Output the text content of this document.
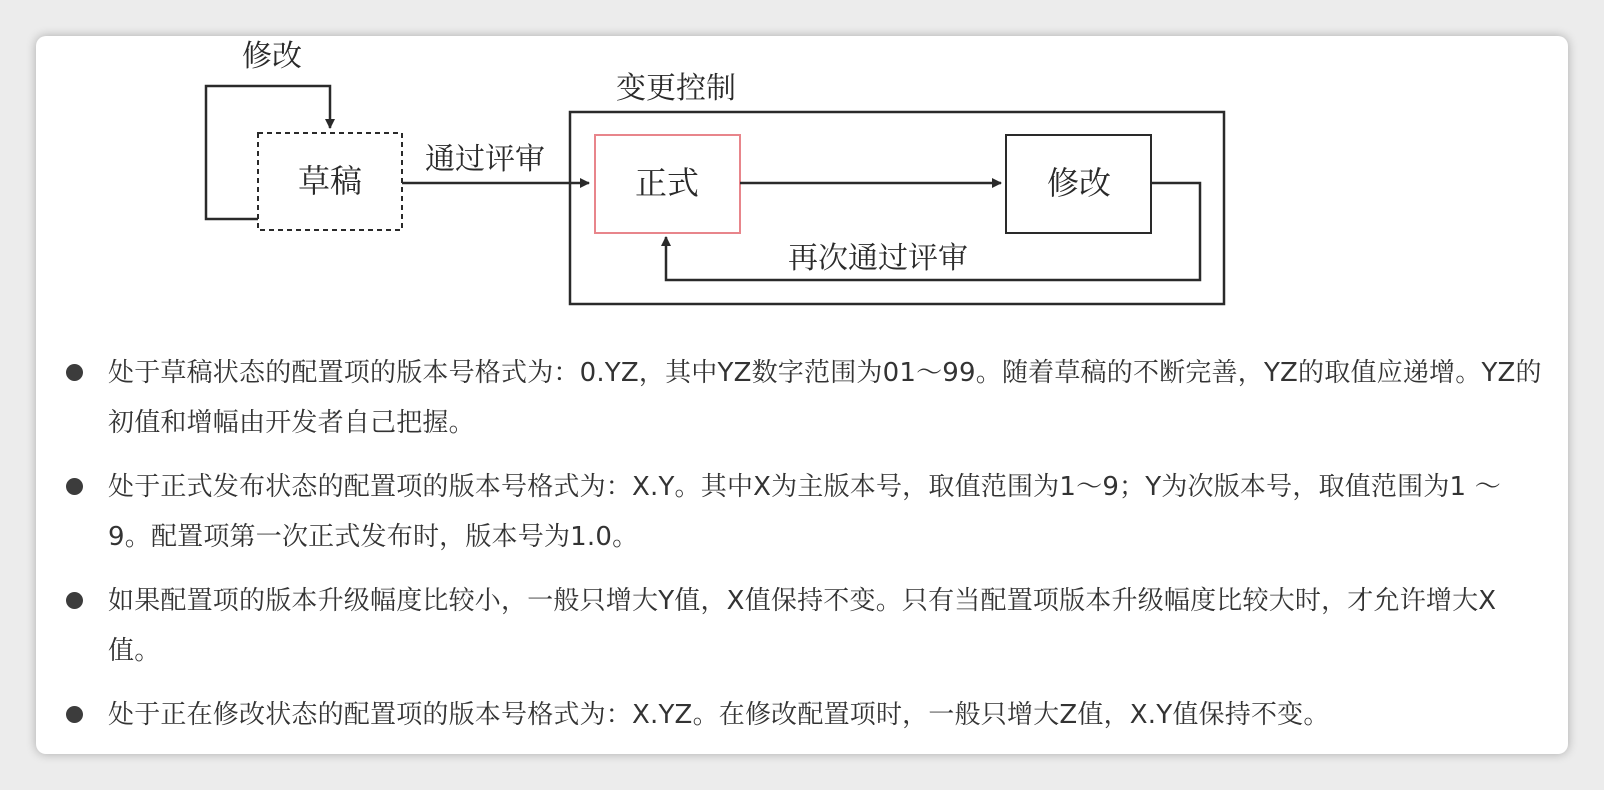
修改
草稿
通过评审
变更控制
正式	修改
再次通过评审
处于草稿状态的配置项的版本号格式为：0.YZ，其中YZ数字范围为01～99。随着草稿的不断完善，YZ的取值应递增。YZ的初值和增幅由开发者自己把握。
处于正式发布状态的配置项的版本号格式为：X.Y。其中X为主版本号，取值范围为1～9；Y为次版本号，取值范围为1 ～ 9。配置项第一次正式发布时，版本号为1.0。
如果配置项的版本升级幅度比较小，一般只增大Y值，X值保持不变。只有当配置项版本升级幅度比较大时，才允许增大X值。
处于正在修改状态的配置项的版本号格式为：X.YZ。在修改配置项时，一般只增大Z值，X.Y值保持不变。
